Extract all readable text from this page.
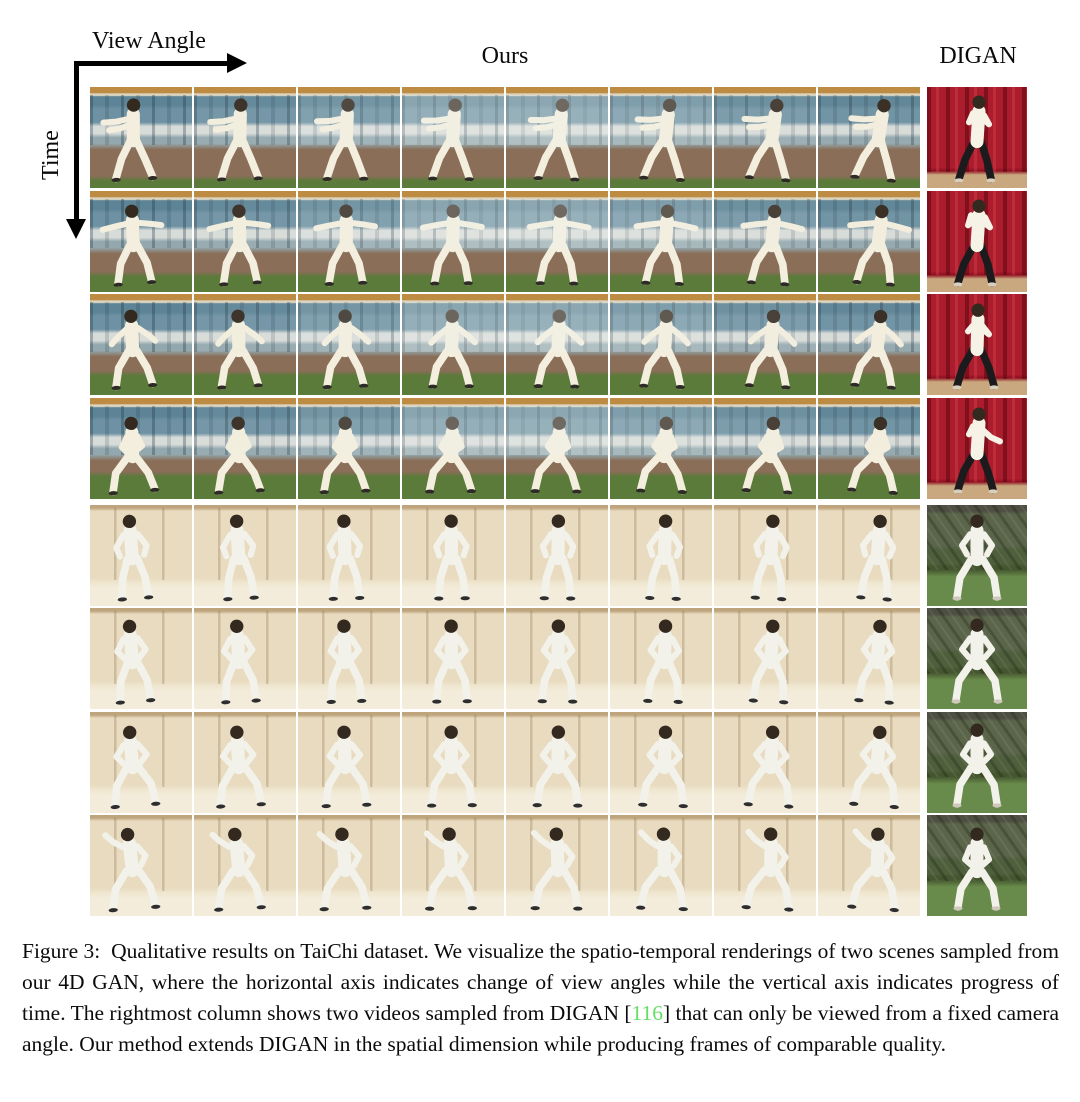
View Angle
Time
Ours	DIGAN

Figure 3:  Qualitative results on TaiChi dataset. We visualize the spatio-temporal renderings of two scenes sampled from our 4D GAN, where the horizontal axis indicates change of view angles while the vertical axis indicates progress of time. The rightmost column shows two videos sampled from DIGAN [116] that can only be viewed from a fixed camera angle. Our method extends DIGAN in the spatial dimension while producing frames of comparable quality.
